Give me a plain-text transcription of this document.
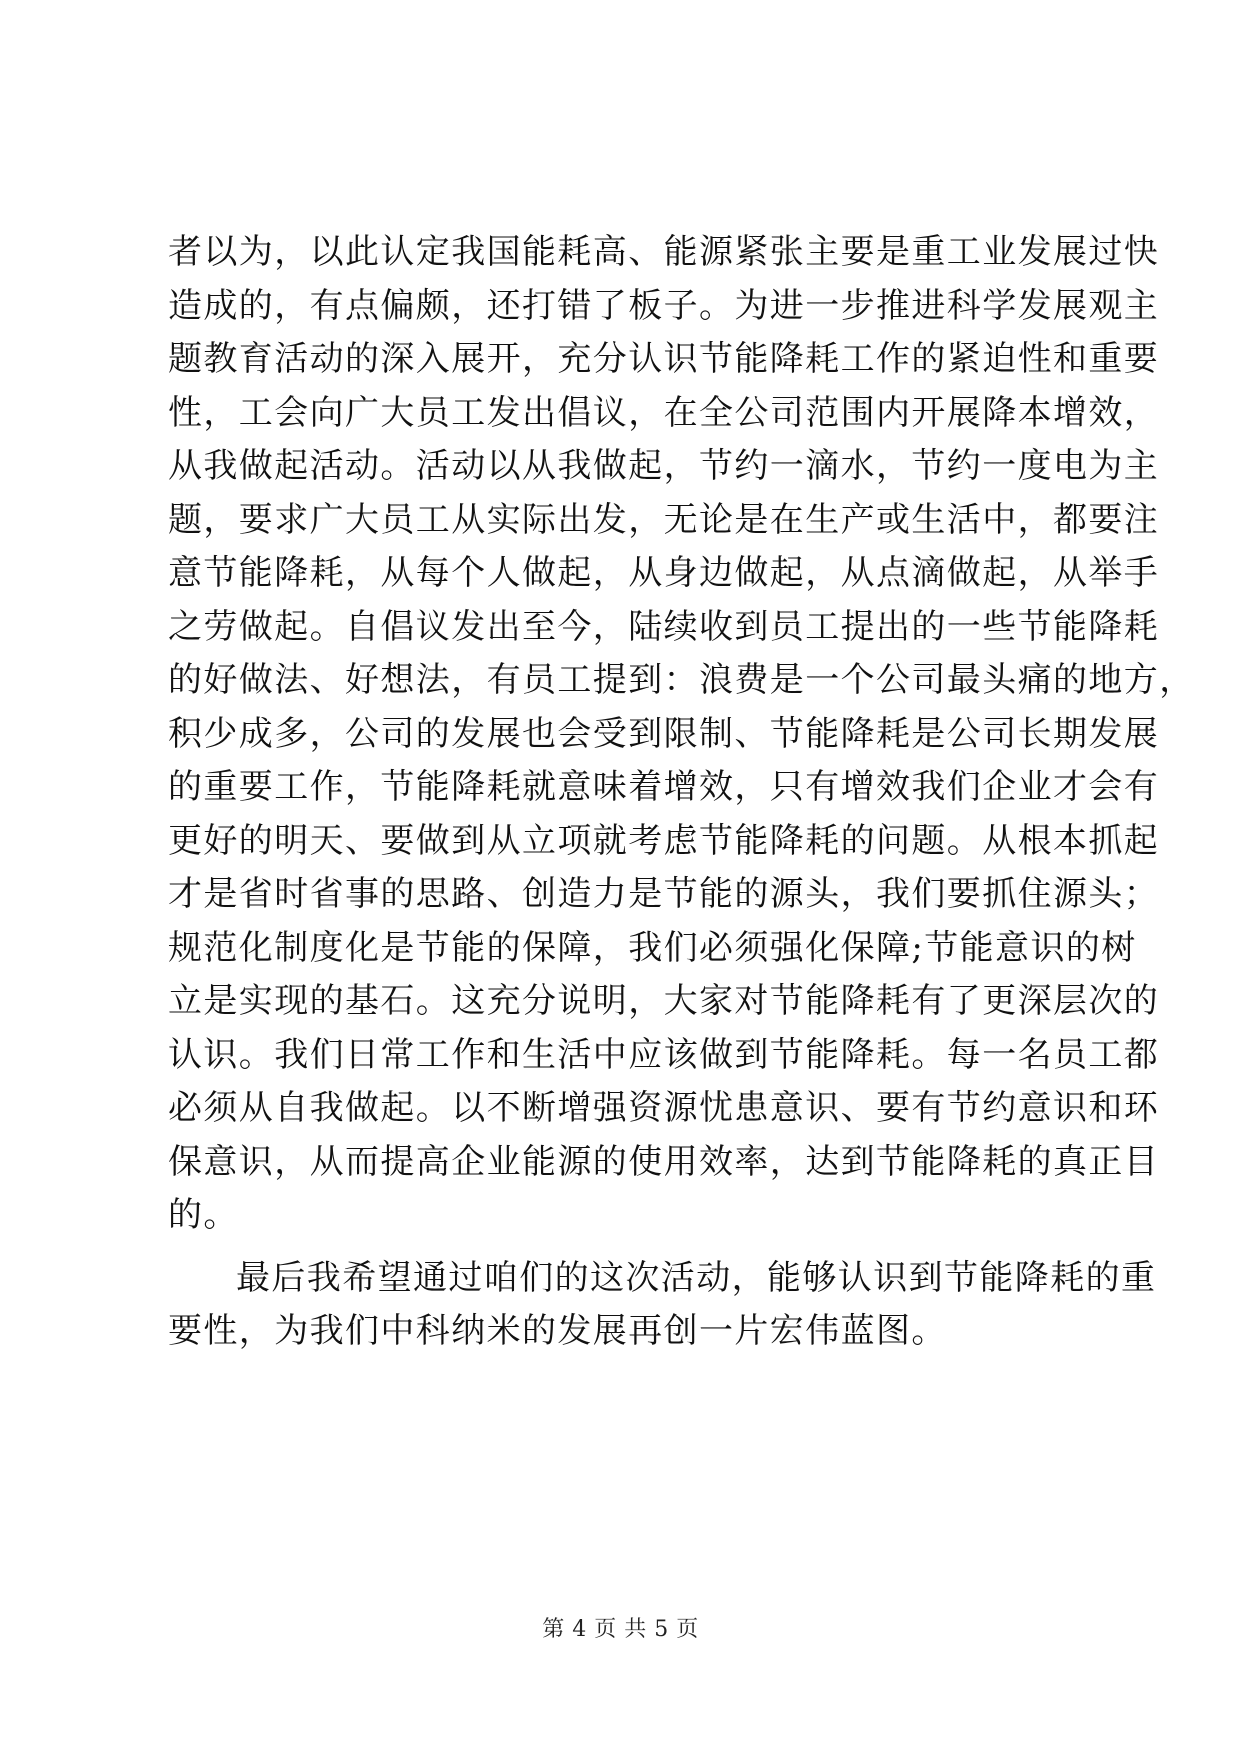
者以为，以此认定我国能耗高、能源紧张主要是重工业发展过快
造成的，有点偏颇，还打错了板子。为进一步推进科学发展观主
题教育活动的深入展开，充分认识节能降耗工作的紧迫性和重要
性，工会向广大员工发出倡议，在全公司范围内开展降本增效，
从我做起活动。活动以从我做起，节约一滴水，节约一度电为主
题，要求广大员工从实际出发，无论是在生产或生活中，都要注
意节能降耗，从每个人做起，从身边做起，从点滴做起，从举手
之劳做起。自倡议发出至今，陆续收到员工提出的一些节能降耗
的好做法、好想法，有员工提到：浪费是一个公司最头痛的地方，
积少成多，公司的发展也会受到限制、节能降耗是公司长期发展
的重要工作，节能降耗就意味着增效，只有增效我们企业才会有
更好的明天、要做到从立项就考虑节能降耗的问题。从根本抓起
才是省时省事的思路、创造力是节能的源头，我们要抓住源头；
规范化制度化是节能的保障，我们必须强化保障;节能意识的树
立是实现的基石。这充分说明，大家对节能降耗有了更深层次的
认识。我们日常工作和生活中应该做到节能降耗。每一名员工都
必须从自我做起。以不断增强资源忧患意识、要有节约意识和环
保意识，从而提高企业能源的使用效率，达到节能降耗的真正目
的。
最后我希望通过咱们的这次活动，能够认识到节能降耗的重
要性，为我们中科纳米的发展再创一片宏伟蓝图。
第 4 页 共 5 页
